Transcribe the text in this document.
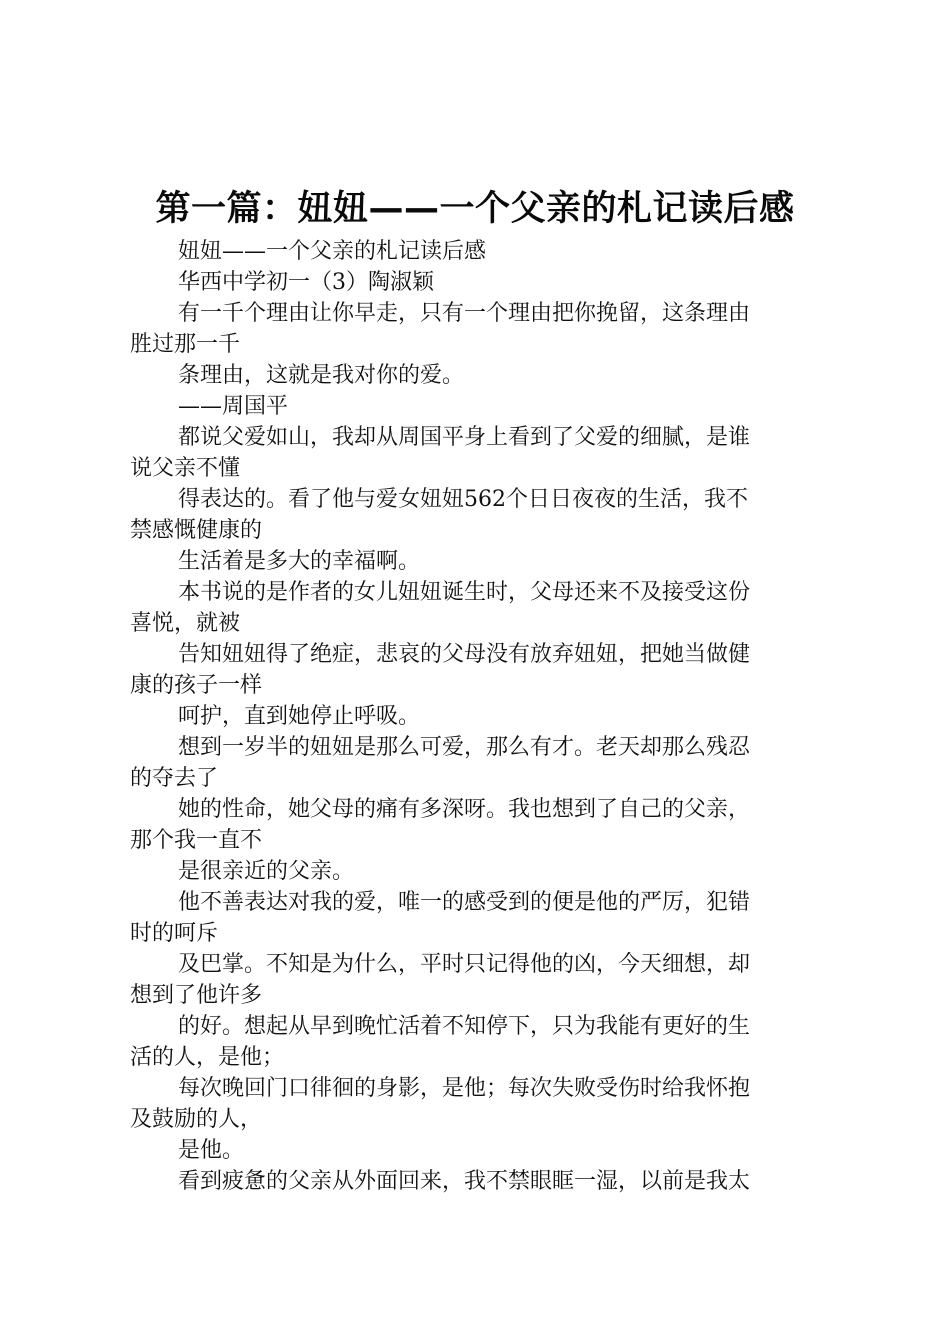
第一篇：妞妞——一个父亲的札记读后感
妞妞——一个父亲的札记读后感
华西中学初一（3）陶淑颖
有一千个理由让你早走，只有一个理由把你挽留，这条理由
胜过那一千
条理由，这就是我对你的爱。
——周国平
都说父爱如山，我却从周国平身上看到了父爱的细腻，是谁
说父亲不懂
得表达的。看了他与爱女妞妞562个日日夜夜的生活，我不
禁感慨健康的
生活着是多大的幸福啊。
本书说的是作者的女儿妞妞诞生时，父母还来不及接受这份
喜悦，就被
告知妞妞得了绝症，悲哀的父母没有放弃妞妞，把她当做健
康的孩子一样
呵护，直到她停止呼吸。
想到一岁半的妞妞是那么可爱，那么有才。老天却那么残忍
的夺去了
她的性命，她父母的痛有多深呀。我也想到了自己的父亲，
那个我一直不
是很亲近的父亲。
他不善表达对我的爱，唯一的感受到的便是他的严厉，犯错
时的呵斥
及巴掌。不知是为什么，平时只记得他的凶，今天细想，却
想到了他许多
的好。想起从早到晚忙活着不知停下，只为我能有更好的生
活的人，是他；
每次晚回门口徘徊的身影，是他；每次失败受伤时给我怀抱
及鼓励的人，
是他。
看到疲惫的父亲从外面回来，我不禁眼眶一湿，以前是我太
